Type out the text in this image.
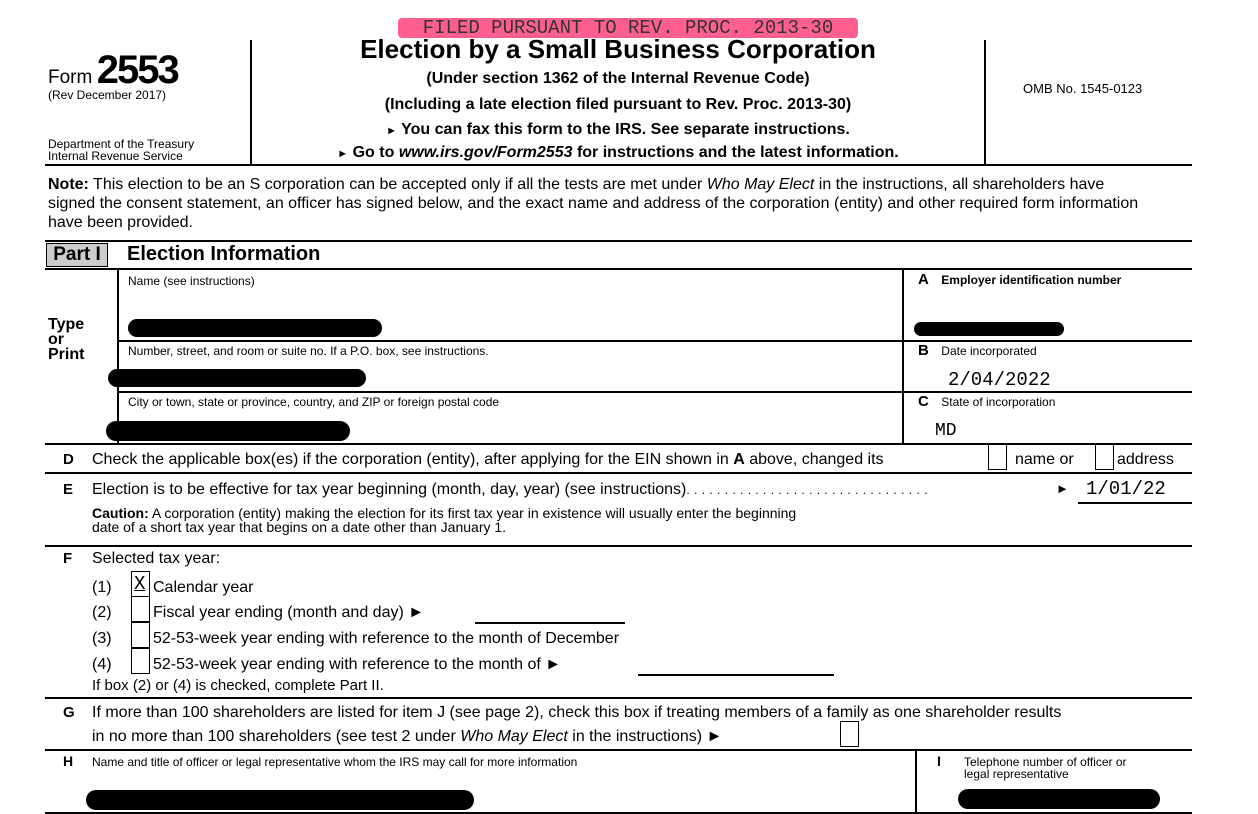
FILED PURSUANT TO REV. PROC. 2013-30
Form 2553
(Rev December 2017)
Department of the Treasury
Internal Revenue Service
Election by a Small Business Corporation
(Under section 1362 of the Internal Revenue Code)
(Including a late election filed pursuant to Rev. Proc. 2013-30)
► You can fax this form to the IRS. See separate instructions.
► Go to www.irs.gov/Form2553 for instructions and the latest information.
OMB No. 1545-0123
Note: This election to be an S corporation can be accepted only if all the tests are met under Who May Elect in the instructions, all shareholders have signed the consent statement, an officer has signed below, and the exact name and address of the corporation (entity) and other required form information have been provided.
Part I	Election Information
Type
or
Print
Name (see instructions)
Number, street, and room or suite no. If a P.O. box, see instructions.
City or town, state or province, country, and ZIP or foreign postal code
A Employer identification number
B Date incorporated
2/04/2022
C State of incorporation
MD
D Check the applicable box(es) if the corporation (entity), after applying for the EIN shown in A above, changed its	name or	address
E Election is to be effective for tax year beginning (month, day, year) (see instructions). . . . . . . . . . . . . . . . . . . . . . . . . . . . . . . .	► 1/01/22
Caution: A corporation (entity) making the election for its first tax year in existence will usually enter the beginning
date of a short tax year that begins on a date other than January 1.
F Selected tax year:
(1) X Calendar year
(2)	Fiscal year ending (month and day) ►
(3)	52-53-week year ending with reference to the month of December
(4)	52-53-week year ending with reference to the month of ►
If box (2) or (4) is checked, complete Part II.
G If more than 100 shareholders are listed for item J (see page 2), check this box if treating members of a family as one shareholder results
in no more than 100 shareholders (see test 2 under Who May Elect in the instructions) ►
H Name and title of officer or legal representative whom the IRS may call for more information	I Telephone number of officer or
legal representative
